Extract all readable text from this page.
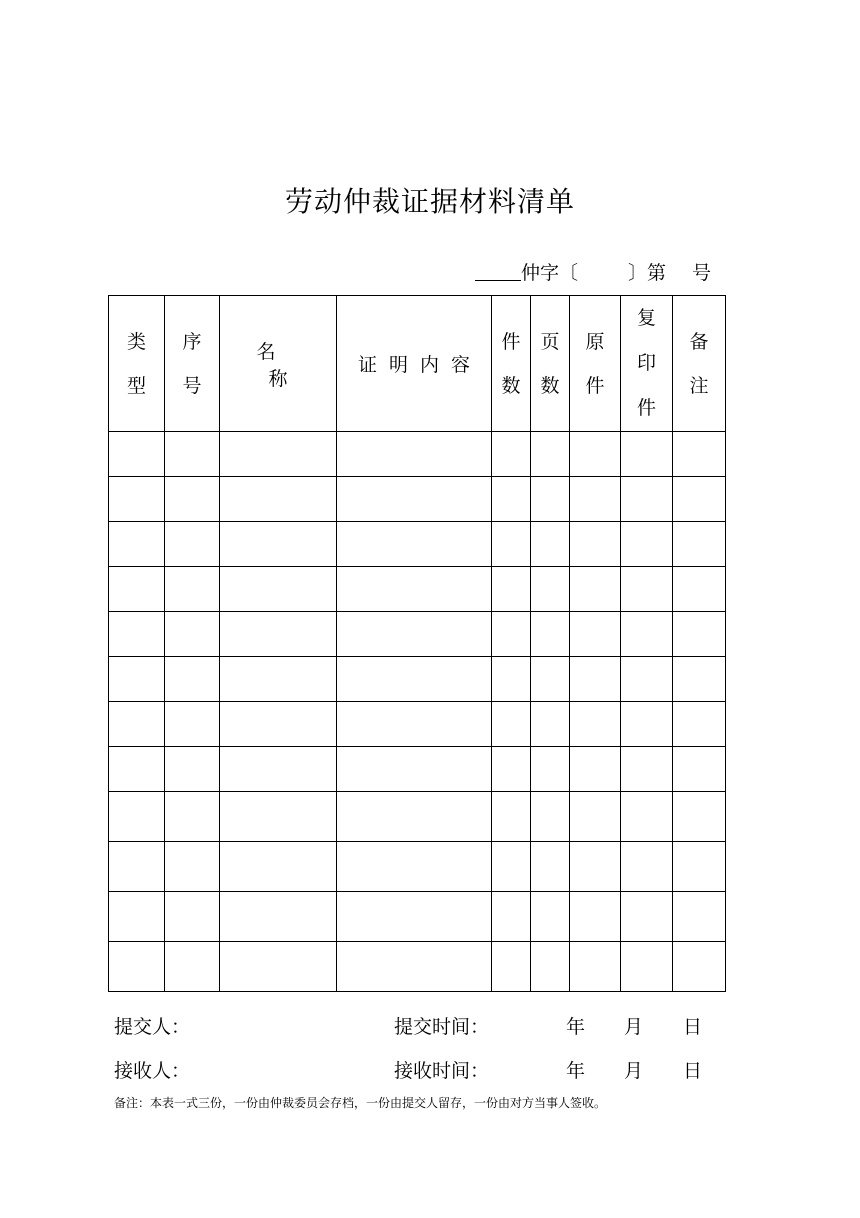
劳动仲裁证据材料清单
仲字〔	〕第 号
类型	序号	名 称	证明内容	件数	页数	原件	复印件	备注

提交人：	提交时间：	年 月 日
接收人：	接收时间：	年 月 日
备注：本表一式三份，一份由仲裁委员会存档，一份由提交人留存，一份由对方当事人签收。
